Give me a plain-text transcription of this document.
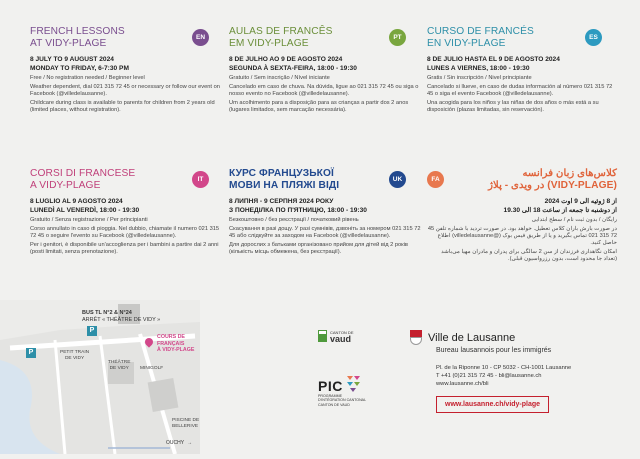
FRENCH LESSONS
AT VIDY-PLAGE
EN
8 JULY TO 9 AUGUST 2024
MONDAY TO FRIDAY, 6-7:30 PM

Free / No registration needed / Beginner level

Weather dependent, dial 021 315 72 45 or necessary or follow our event on Facebook (@villedelausanne).

Childcare during class is available to parents for children from 2 years old (limited places, without registration).

AULAS DE FRANCÊS
EM VIDY-PLAGE
PT
8 DE JULHO AO 9 DE AGOSTO 2024
SEGUNDA À SEXTA-FEIRA, 18:00 - 19:30

Gratuito / Sem inscrição / Nível iniciante

Cancelado em caso de chuva. Na dúvida, ligue ao 021 315 72 45 ou siga o nosso evento no Facebook (@villedelausanne).

Um acolhimento para a disposição para as crianças a partir dos 2 anos (lugares limitados, sem marcação necessária).

CURSO DE FRANCÉS
EN VIDY-PLAGE
ES
8 DE JULIO HASTA EL 9 DE AGOSTO 2024
LUNES A VIERNES, 18:00 - 19:30

Gratis / Sin inscripción / Nivel principiante

Cancelado si llueve, en caso de dudas información al número 021 315 72 45 o siga el evento Facebook (@villedelausanne).

Una acogida para los niños y las niñas de dos años o más está a su disposición (plazas limitadas, sin reservación).

CORSI DI FRANCESE
A VIDY-PLAGE
IT
8 LUGLIO AL 9 AGOSTO 2024
LUNEDÌ AL VENERDÌ, 18:00 - 19:30

Gratuito / Senza registrazione / Per principianti

Corso annullato in caso di pioggia. Nel dubbio, chiamate il numero 021 315 72 45 o seguire l'evento su Facebook (@villedelausanne).

Per i genitori, è disponibile un'accoglienza per i bambini a partire dai 2 anni (posti limitati, senza prenotazione).

КУРС ФРАНЦУЗЬКОЇ
МОВИ НА ПЛЯЖІ ВІДІ
UK
8 ЛИПНЯ - 9 СЕРПНЯ 2024 РОКУ
З ПОНЕДІЛКА ПО П'ЯТНИЦЮ, 18:00 - 19:30

Безкоштовно / без реєстрації / початковий рівень

Скасування в разі дощу. У разі сумнівів, дзвоніть за номером 021 315 72 45 або слідкуйте за заходом на Facebook (@villedelausanne).

Для дорослих з батьками організовано прийом для дітей від 2 років (кількість місць обмежена, без реєстрації).

FA
کلاس‌های زبان فرانسه
(VIDY-PLAGE) در ویدی - پلاژ
از 8 ژوئیه الی 9 اوت 2024
از دوشنبه تا جمعه از ساعت 18 الی 19.30

رایگان / بدون ثبت نام / سطح ابتدایی

در صورت بارش باران کلاس تعطیل. خواهد بود. در صورت تردید با شماره تلفن 45 72 315 021 تماس بگیرید و یا از طریق فیس بوک (@villedelausanne) اطلاع حاصل کنید.

امکان نگاهداری فرزندان از سن 2 سالگی برای پدران و مادران مهیا می‌باشد (تعداد جا محدود است، بدون رزرواسیون قبلی).

BUS TL N°2 & N°24
ARRÊT « THÉÂTRE DE VIDY »
P
P
COURS DE FRANÇAIS
À VIDY-PLAGE
PETIT TRAIN
DE VIDY
THÉÂTRE
DE VIDY	MINIGOLF
PISCINE DE
BELLERIVE
OUCHY →
CANTON DE
vaud
PIC
PROGRAMME
D'INTÉGRATION CANTONAL
CANTON DE VAUD
Ville de Lausanne
Bureau lausannois pour les immigrés
Pl. de la Riponne 10 - CP 5032 - CH-1001 Lausanne
T +41 (0)21 315 72 45 - bli@lausanne.ch
www.lausanne.ch/bli
www.lausanne.ch/vidy-plage
